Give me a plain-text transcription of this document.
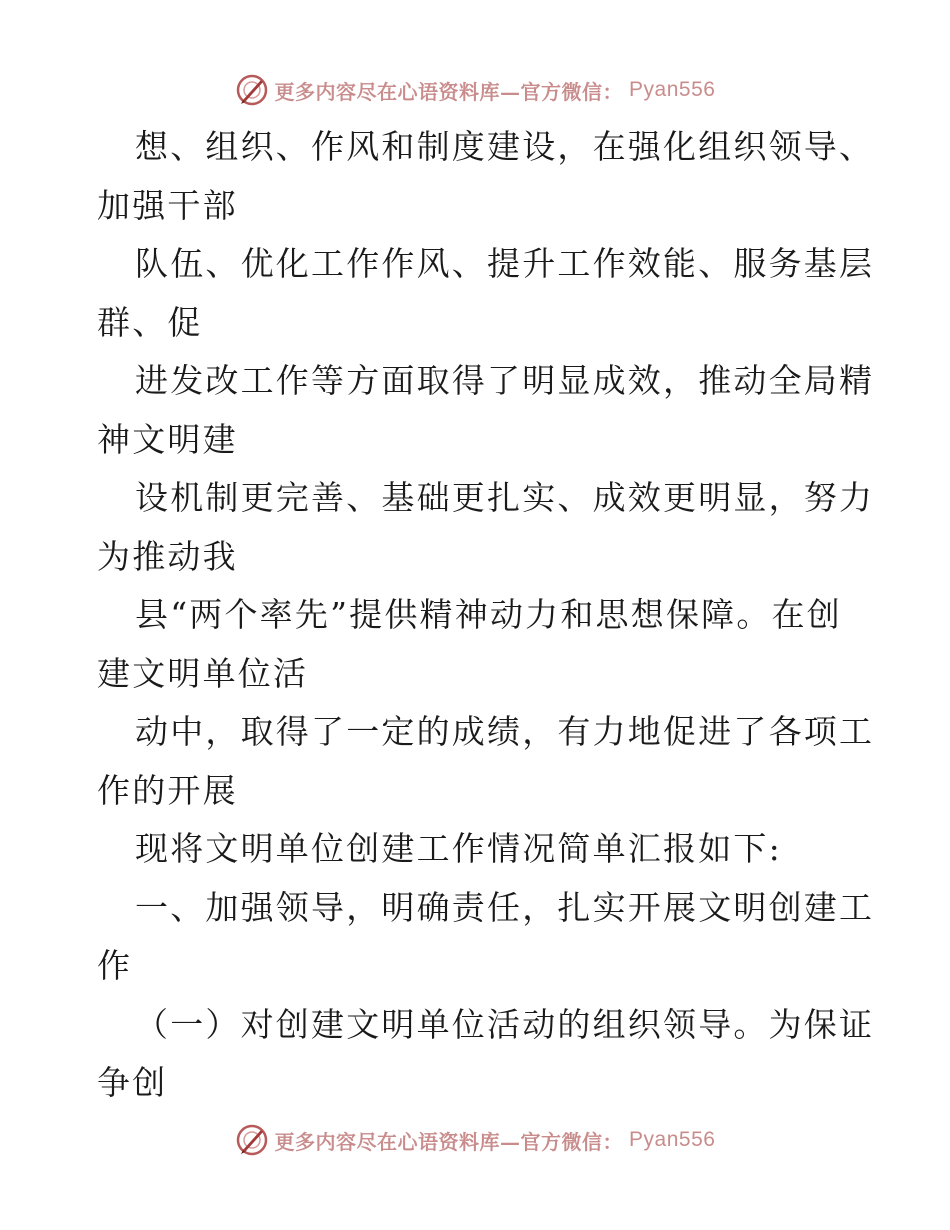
更多内容尽在心语资料库—官方微信： Pyan556
想、组织、作风和制度建设，在强化组织领导、
加强干部
队伍、优化工作作风、提升工作效能、服务基层
群、促
进发改工作等方面取得了明显成效，推动全局精
神文明建
设机制更完善、基础更扎实、成效更明显，努力
为推动我
县“两个率先”提供精神动力和思想保障。在创
建文明单位活
动中，取得了一定的成绩，有力地促进了各项工
作的开展
现将文明单位创建工作情况简单汇报如下:
一、加强领导，明确责任，扎实开展文明创建工
作
（一）对创建文明单位活动的组织领导。为保证
争创
更多内容尽在心语资料库—官方微信： Pyan556
